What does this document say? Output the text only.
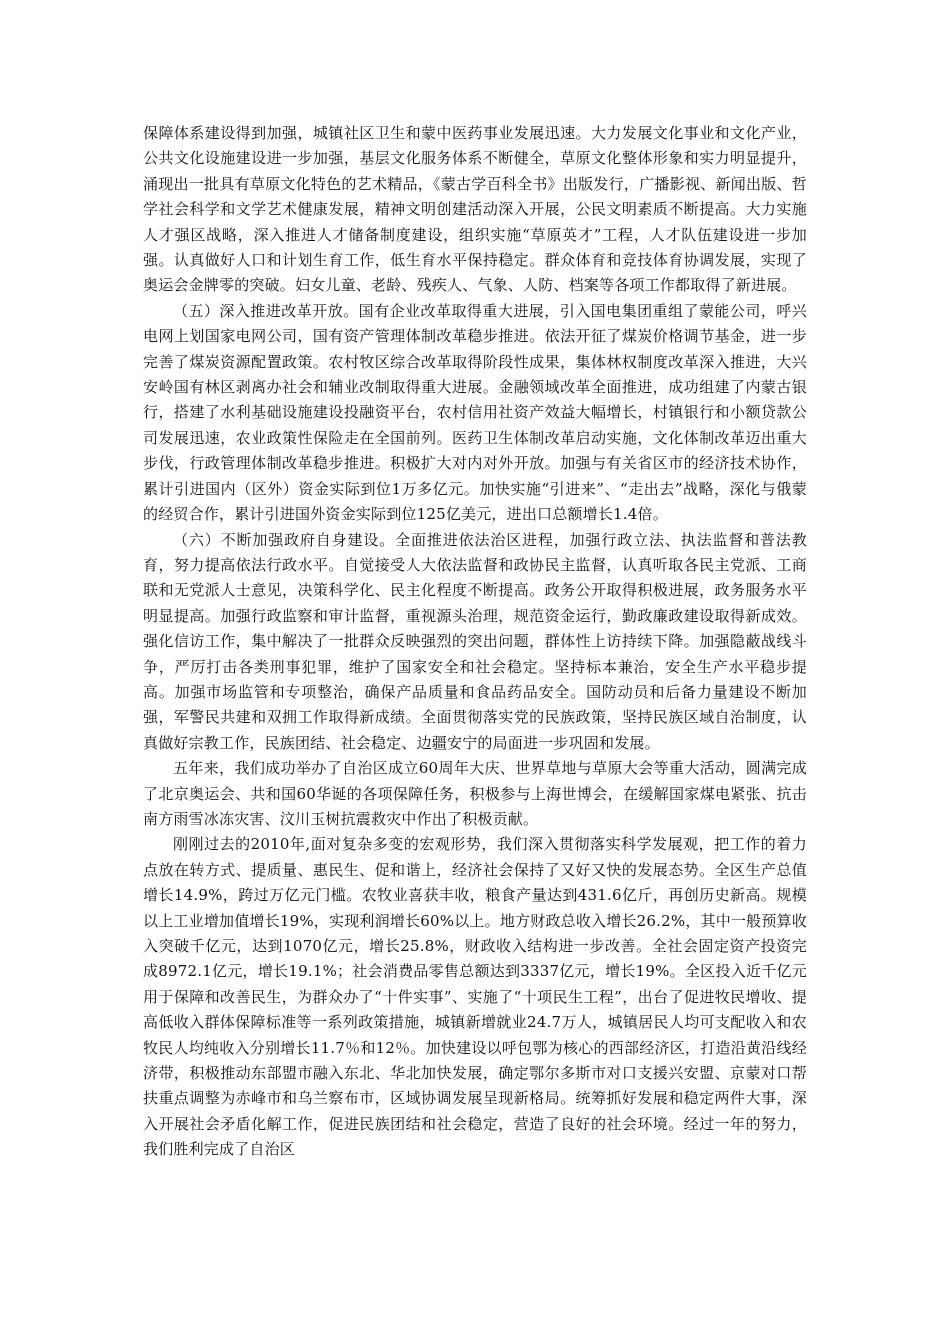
保障体系建设得到加强，城镇社区卫生和蒙中医药事业发展迅速。大力发展文化事业和文化产业，公共文化设施建设进一步加强，基层文化服务体系不断健全，草原文化整体形象和实力明显提升，涌现出一批具有草原文化特色的艺术精品，《蒙古学百科全书》出版发行，广播影视、新闻出版、哲学社会科学和文学艺术健康发展，精神文明创建活动深入开展，公民文明素质不断提高。大力实施人才强区战略，深入推进人才储备制度建设，组织实施“草原英才”工程，人才队伍建设进一步加强。认真做好人口和计划生育工作，低生育水平保持稳定。群众体育和竞技体育协调发展，实现了奥运会金牌零的突破。妇女儿童、老龄、残疾人、气象、人防、档案等各项工作都取得了新进展。

（五）深入推进改革开放。国有企业改革取得重大进展，引入国电集团重组了蒙能公司，呼兴电网上划国家电网公司，国有资产管理体制改革稳步推进。依法开征了煤炭价格调节基金，进一步完善了煤炭资源配置政策。农村牧区综合改革取得阶段性成果，集体林权制度改革深入推进，大兴安岭国有林区剥离办社会和辅业改制取得重大进展。金融领域改革全面推进，成功组建了内蒙古银行，搭建了水利基础设施建设投融资平台，农村信用社资产效益大幅增长，村镇银行和小额贷款公司发展迅速，农业政策性保险走在全国前列。医药卫生体制改革启动实施，文化体制改革迈出重大步伐，行政管理体制改革稳步推进。积极扩大对内对外开放。加强与有关省区市的经济技术协作，累计引进国内（区外）资金实际到位1万多亿元。加快实施“引进来”、“走出去”战略，深化与俄蒙的经贸合作，累计引进国外资金实际到位125亿美元，进出口总额增长1.4倍。

（六）不断加强政府自身建设。全面推进依法治区进程，加强行政立法、执法监督和普法教育，努力提高依法行政水平。自觉接受人大依法监督和政协民主监督，认真听取各民主党派、工商联和无党派人士意见，决策科学化、民主化程度不断提高。政务公开取得积极进展，政务服务水平明显提高。加强行政监察和审计监督，重视源头治理，规范资金运行，勤政廉政建设取得新成效。强化信访工作，集中解决了一批群众反映强烈的突出问题，群体性上访持续下降。加强隐蔽战线斗争，严厉打击各类刑事犯罪，维护了国家安全和社会稳定。坚持标本兼治，安全生产水平稳步提高。加强市场监管和专项整治，确保产品质量和食品药品安全。国防动员和后备力量建设不断加强，军警民共建和双拥工作取得新成绩。全面贯彻落实党的民族政策，坚持民族区域自治制度，认真做好宗教工作，民族团结、社会稳定、边疆安宁的局面进一步巩固和发展。

五年来，我们成功举办了自治区成立60周年大庆、世界草地与草原大会等重大活动，圆满完成了北京奥运会、共和国60华诞的各项保障任务，积极参与上海世博会，在缓解国家煤电紧张、抗击南方雨雪冰冻灾害、汶川玉树抗震救灾中作出了积极贡献。

刚刚过去的2010年,面对复杂多变的宏观形势，我们深入贯彻落实科学发展观，把工作的着力点放在转方式、提质量、惠民生、促和谐上，经济社会保持了又好又快的发展态势。全区生产总值增长14.9%，跨过万亿元门槛。农牧业喜获丰收，粮食产量达到431.6亿斤，再创历史新高。规模以上工业增加值增长19%，实现利润增长60%以上。地方财政总收入增长26.2%，其中一般预算收入突破千亿元，达到1070亿元，增长25.8%，财政收入结构进一步改善。全社会固定资产投资完成8972.1亿元，增长19.1%；社会消费品零售总额达到3337亿元，增长19%。全区投入近千亿元用于保障和改善民生，为群众办了“十件实事”、实施了“十项民生工程”，出台了促进牧民增收、提高低收入群体保障标准等一系列政策措施，城镇新增就业24.7万人，城镇居民人均可支配收入和农牧民人均纯收入分别增长11.7％和12％。加快建设以呼包鄂为核心的西部经济区，打造沿黄沿线经济带，积极推动东部盟市融入东北、华北加快发展，确定鄂尔多斯市对口支援兴安盟、京蒙对口帮扶重点调整为赤峰市和乌兰察布市，区域协调发展呈现新格局。统筹抓好发展和稳定两件大事，深入开展社会矛盾化解工作，促进民族团结和社会稳定，营造了良好的社会环境。经过一年的努力，我们胜利完成了自治区
